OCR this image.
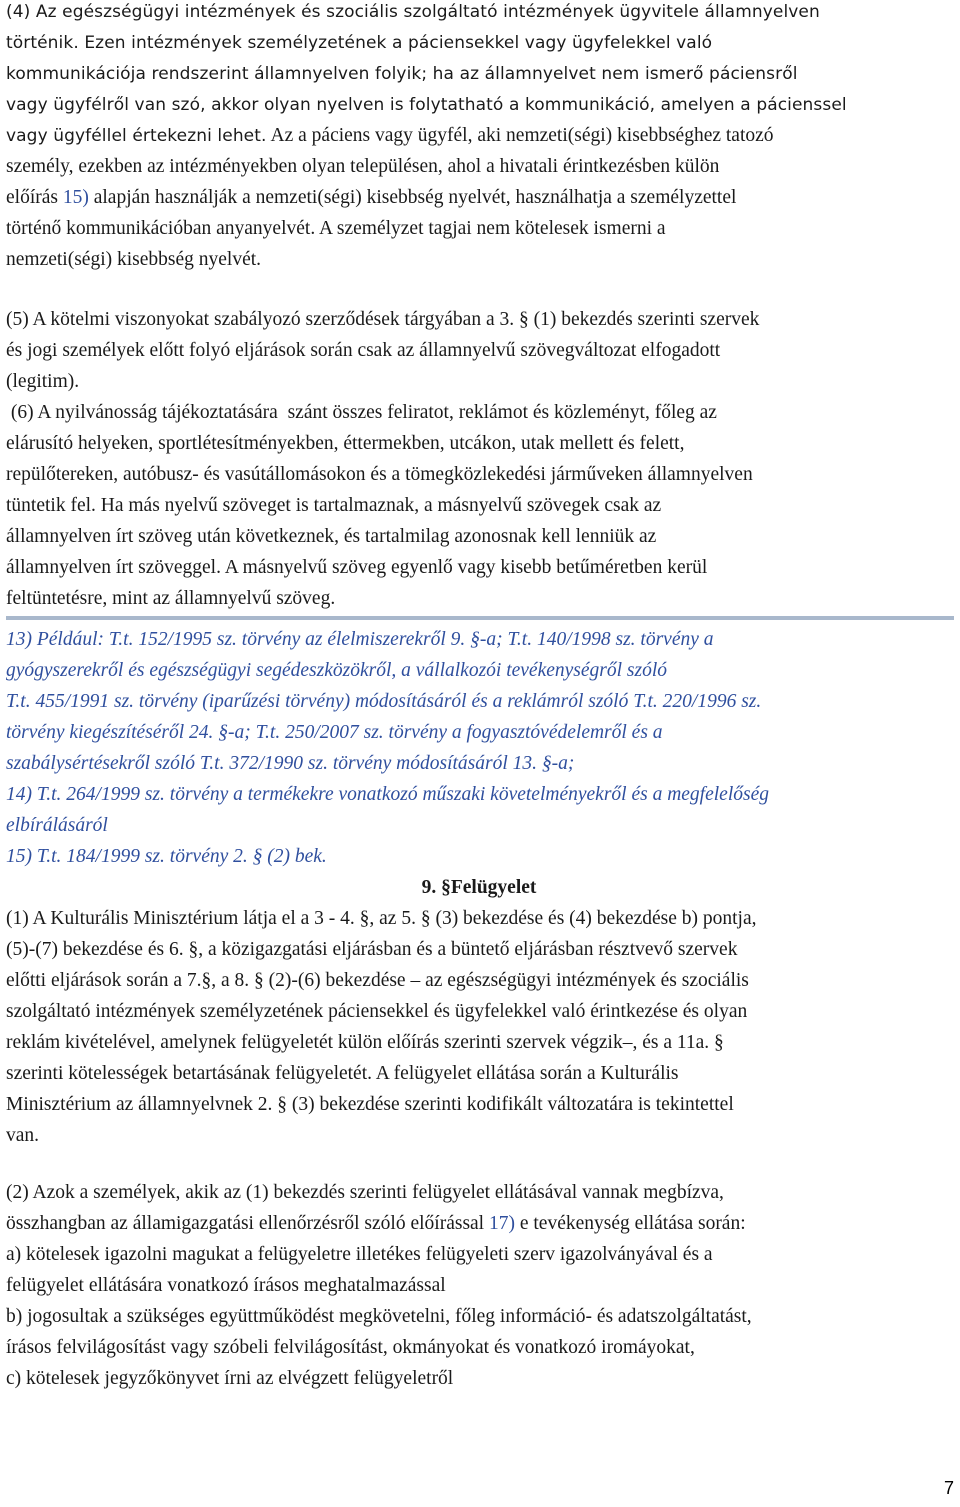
(4) Az egészségügyi intézmények és szociális szolgáltató intézmények ügyvitele államnyelven
történik. Ezen intézmények személyzetének a páciensekkel vagy ügyfelekkel való
kommunikációja rendszerint államnyelven folyik; ha az államnyelvet nem ismerő páciensről
vagy ügyfélről van szó, akkor olyan nyelven is folytatható a kommunikáció, amelyen a pácienssel
vagy ügyféllel értekezni lehet. Az a páciens vagy ügyfél, aki nemzeti(ségi) kisebbséghez tatozó
személy, ezekben az intézményekben olyan településen, ahol a hivatali érintkezésben külön
előírás 15) alapján használják a nemzeti(ségi) kisebbség nyelvét, használhatja a személyzettel
történő kommunikációban anyanyelvét. A személyzet tagjai nem kötelesek ismerni a
nemzeti(ségi) kisebbség nyelvét.
(5) A kötelmi viszonyokat szabályozó szerződések tárgyában a 3. § (1) bekezdés szerinti szervek
és jogi személyek előtt folyó eljárások során csak az államnyelvű szövegváltozat elfogadott
(legitim).
(6) A nyilvánosság tájékoztatására  szánt összes feliratot, reklámot és közleményt, főleg az
elárusító helyeken, sportlétesítményekben, éttermekben, utcákon, utak mellett és felett,
repülőtereken, autóbusz- és vasútállomásokon és a tömegközlekedési járműveken államnyelven
tüntetik fel. Ha más nyelvű szöveget is tartalmaznak, a másnyelvű szövegek csak az
államnyelven írt szöveg után következnek, és tartalmilag azonosnak kell lenniük az
államnyelven írt szöveggel. A másnyelvű szöveg egyenlő vagy kisebb betűméretben kerül
feltüntetésre, mint az államnyelvű szöveg.
13) Például: T.t. 152/1995 sz. törvény az élelmiszerekről 9. §-a; T.t. 140/1998 sz. törvény a
gyógyszerekről és egészségügyi segédeszközökről, a vállalkozói tevékenységről szóló
T.t. 455/1991 sz. törvény (iparűzési törvény) módosításáról és a reklámról szóló T.t. 220/1996 sz.
törvény kiegészítéséről 24. §-a; T.t. 250/2007 sz. törvény a fogyasztóvédelemről és a
szabálysértésekről szóló T.t. 372/1990 sz. törvény módosításáról 13. §-a;
14) T.t. 264/1999 sz. törvény a termékekre vonatkozó műszaki követelményekről és a megfelelőség
elbírálásáról
15) T.t. 184/1999 sz. törvény 2. § (2) bek.
9. §Felügyelet
(1) A Kulturális Minisztérium látja el a 3 - 4. §, az 5. § (3) bekezdése és (4) bekezdése b) pontja,
(5)-(7) bekezdése és 6. §, a közigazgatási eljárásban és a büntető eljárásban résztvevő szervek
előtti eljárások során a 7.§, a 8. § (2)-(6) bekezdése – az egészségügyi intézmények és szociális
szolgáltató intézmények személyzetének páciensekkel és ügyfelekkel való érintkezése és olyan
reklám kivételével, amelynek felügyeletét külön előírás szerinti szervek végzik–, és a 11a. §
szerinti kötelességek betartásának felügyeletét. A felügyelet ellátása során a Kulturális
Minisztérium az államnyelvnek 2. § (3) bekezdése szerinti kodifikált változatára is tekintettel
van.
(2) Azok a személyek, akik az (1) bekezdés szerinti felügyelet ellátásával vannak megbízva,
összhangban az államigazgatási ellenőrzésről szóló előírással 17) e tevékenység ellátása során:
a) kötelesek igazolni magukat a felügyeletre illetékes felügyeleti szerv igazolványával és a
felügyelet ellátására vonatkozó írásos meghatalmazással
b) jogosultak a szükséges együttműködést megkövetelni, főleg információ- és adatszolgáltatást,
írásos felvilágosítást vagy szóbeli felvilágosítást, okmányokat és vonatkozó iromáyokat,
c) kötelesek jegyzőkönyvet írni az elvégzett felügyeletről
7
